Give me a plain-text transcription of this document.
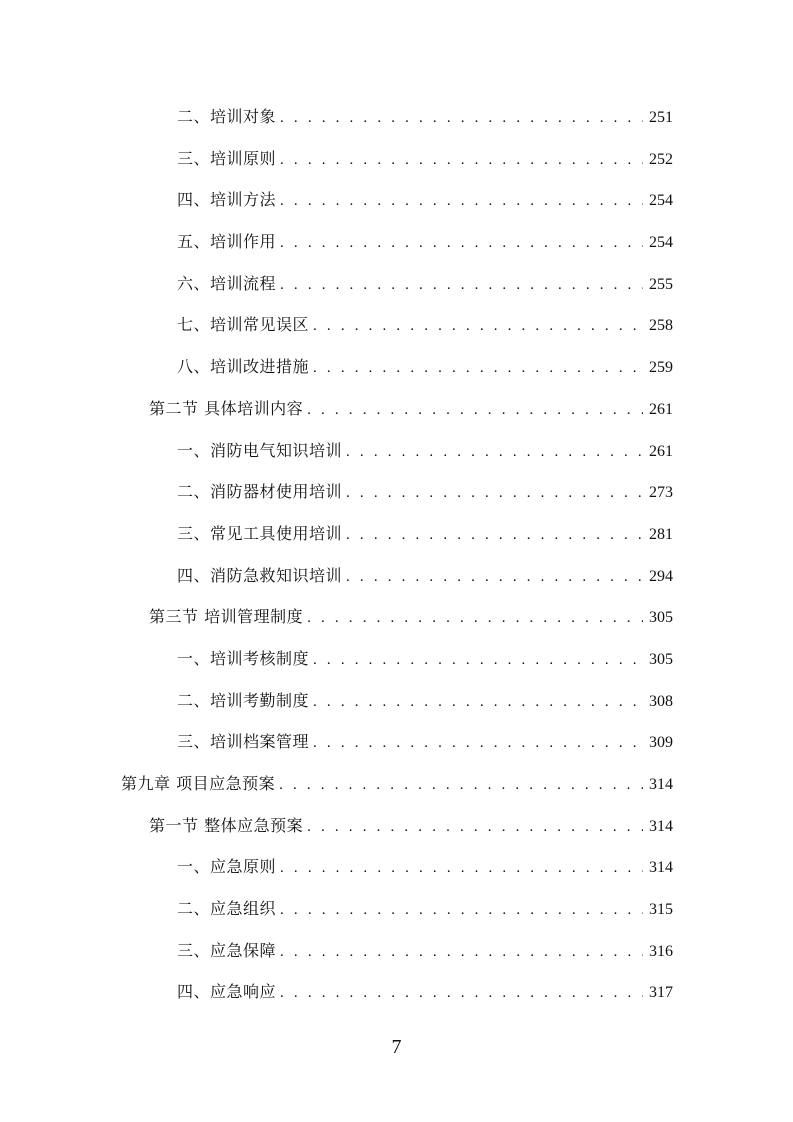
二、培训对象 . . .	251
三、培训原则 . . .	252
四、培训方法 . . .	254
五、培训作用 . . .	254
六、培训流程 . . .	255
七、培训常见误区 . . .	258
八、培训改进措施 . . .	259
第二节 具体培训内容 . . .	261
一、消防电气知识培训 . . .	261
二、消防器材使用培训 . . .	273
三、常见工具使用培训 . . .	281
四、消防急救知识培训 . . .	294
第三节 培训管理制度 . . .	305
一、培训考核制度 . . .	305
二、培训考勤制度 . . .	308
三、培训档案管理 . . .	309
第九章 项目应急预案 . . .	314
第一节 整体应急预案 . . .	314
一、应急原则 . . .	314
二、应急组织 . . .	315
三、应急保障 . . .	316
四、应急响应 . . .	317
7
